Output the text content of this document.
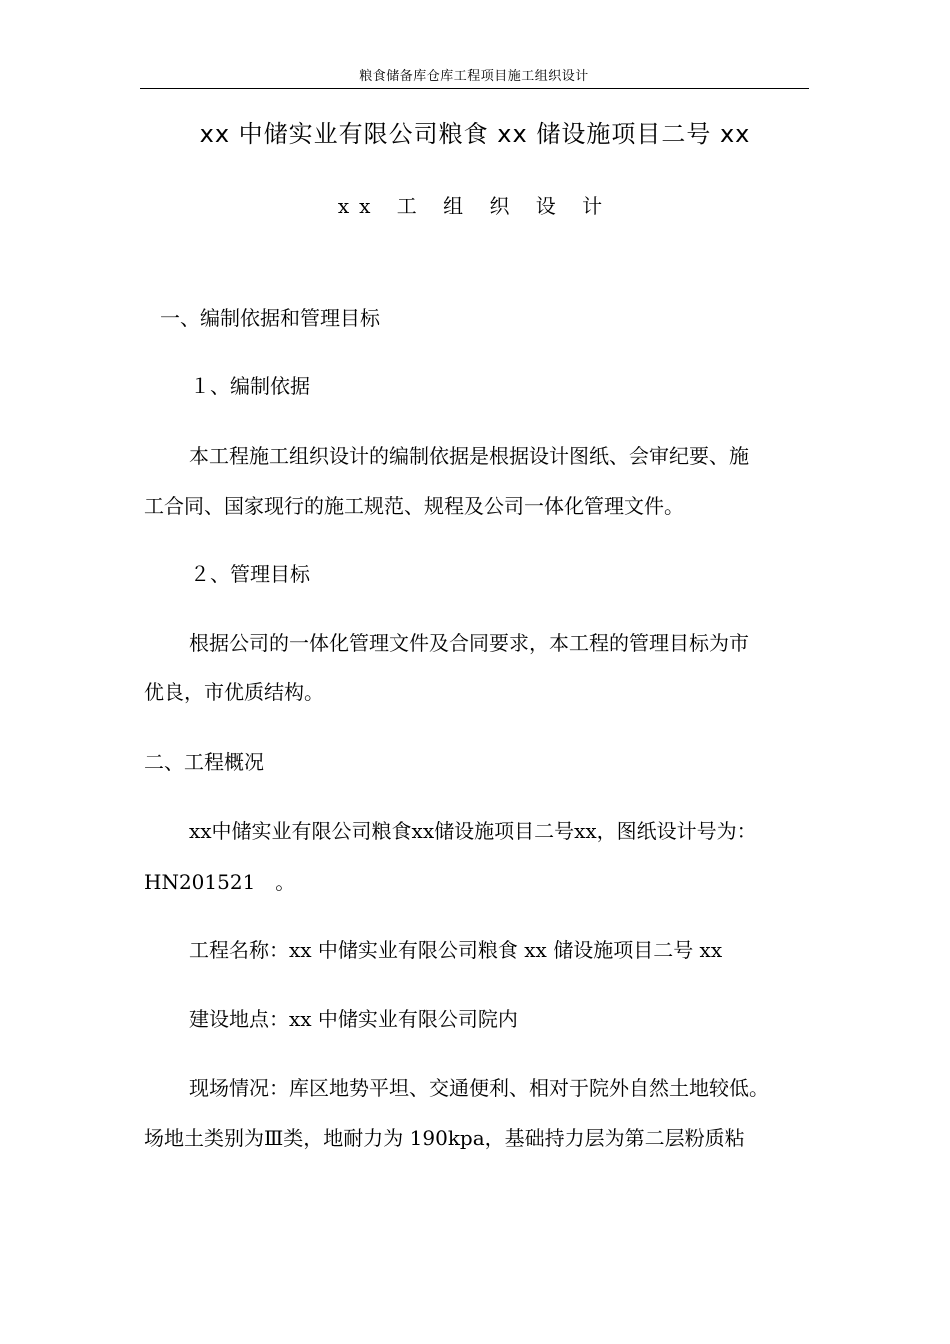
粮食储备库仓库工程项目施工组织设计
xx 中储实业有限公司粮食 xx 储设施项目二号 xx
xx 工 组 织 设 计
一、编制依据和管理目标
１、编制依据
本工程施工组织设计的编制依据是根据设计图纸、会审纪要、施
工合同、国家现行的施工规范、规程及公司一体化管理文件。
２、管理目标
根据公司的一体化管理文件及合同要求，本工程的管理目标为市
优良，市优质结构。
二、工程概况
xx中储实业有限公司粮食xx储设施项目二号xx，图纸设计号为：
HN201521　。
工程名称：xx 中储实业有限公司粮食 xx 储设施项目二号 xx
建设地点：xx 中储实业有限公司院内
现场情况：库区地势平坦、交通便利、相对于院外自然土地较低。
场地土类别为Ⅲ类，地耐力为 190kpa，基础持力层为第二层粉质粘
